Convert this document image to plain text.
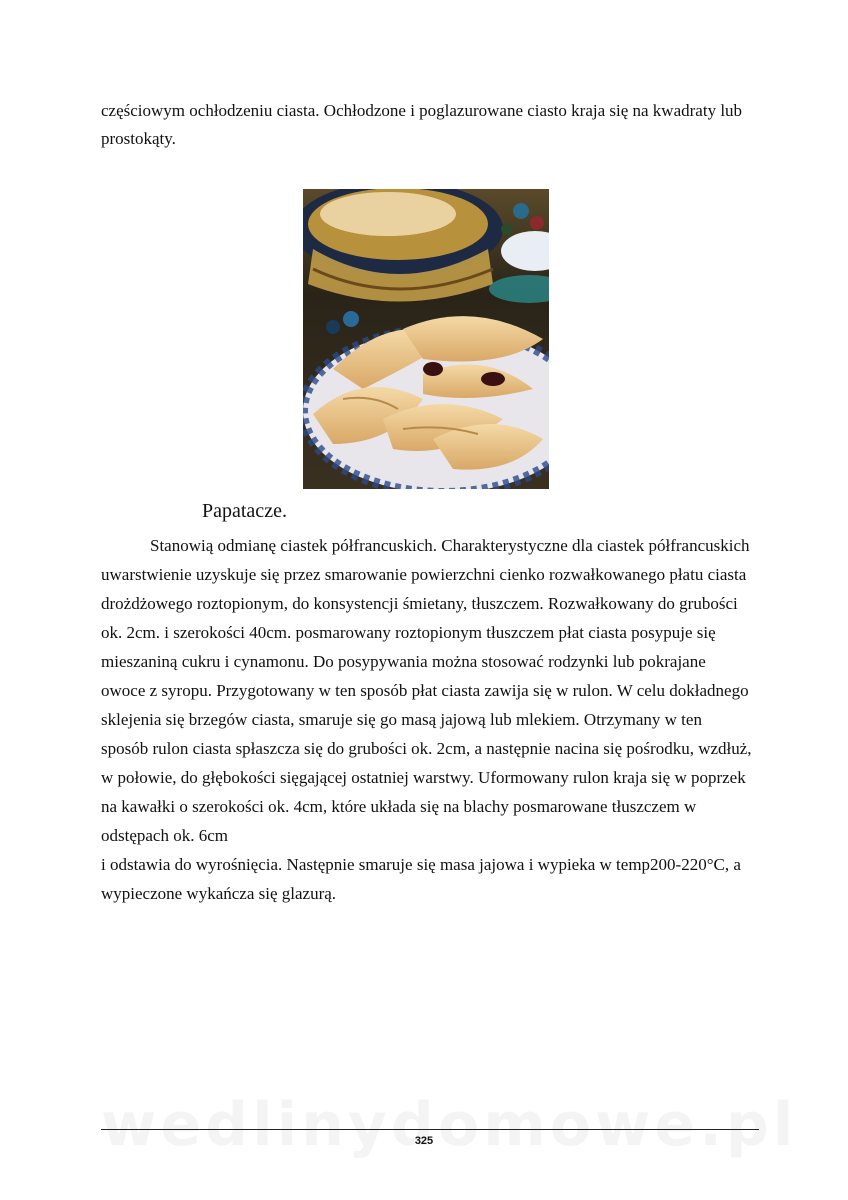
częściowym ochłodzeniu ciasta. Ochłodzone i poglazurowane ciasto kraja się na kwadraty lub
prostokąty.
Papatacze.
Stanowią odmianę ciastek półfrancuskich. Charakterystyczne dla ciastek półfrancuskich
uwarstwienie uzyskuje się przez smarowanie powierzchni cienko rozwałkowanego płatu ciasta
drożdżowego roztopionym, do konsystencji śmietany, tłuszczem. Rozwałkowany do grubości
ok. 2cm. i szerokości 40cm. posmarowany roztopionym tłuszczem płat ciasta posypuje się
mieszaniną cukru i cynamonu. Do posypywania można stosować rodzynki lub pokrajane
owoce z syropu. Przygotowany w ten sposób płat ciasta zawija się w rulon. W celu dokładnego
sklejenia się brzegów ciasta, smaruje się go masą jajową lub mlekiem. Otrzymany w ten
sposób rulon ciasta spłaszcza się do grubości ok. 2cm, a następnie nacina się pośrodku, wzdłuż,
w połowie, do głębokości sięgającej ostatniej warstwy. Uformowany rulon kraja się w poprzek
na kawałki o szerokości ok. 4cm, które układa się na blachy posmarowane tłuszczem w
odstępach ok. 6cm
i odstawia do wyrośnięcia. Następnie smaruje się masa jajowa i wypieka w temp200-220°C, a
wypieczone wykańcza się glazurą.
325
